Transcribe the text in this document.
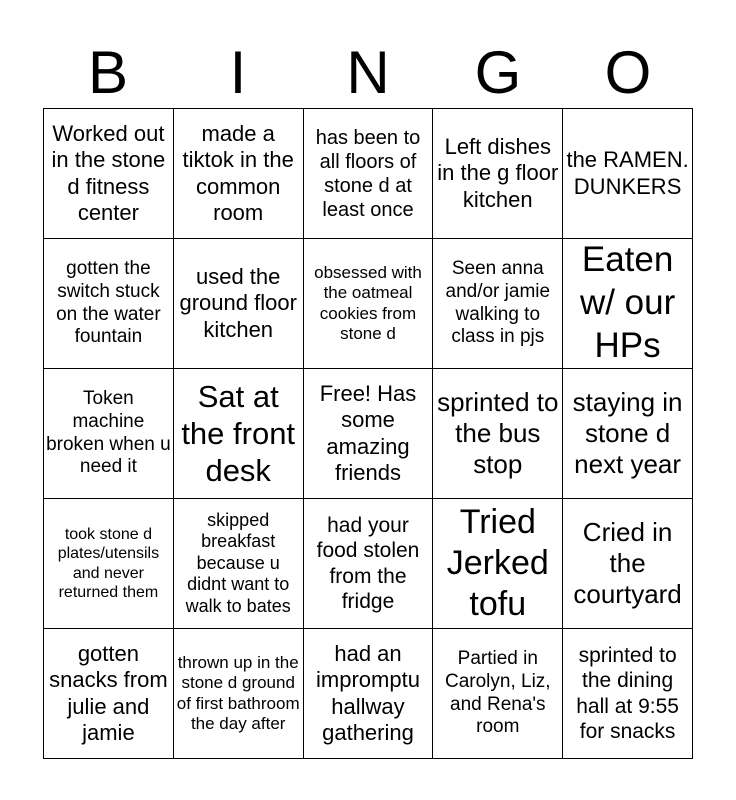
B	I	N	G	O
Worked out in the stone d fitness center	made a tiktok in the common room	has been to all floors of stone d at least once	Left dishes in the g floor kitchen	the RAMEN. DUNKERS
gotten the switch stuck on the water fountain	used the ground floor kitchen	obsessed with the oatmeal cookies from stone d	Seen anna and/or jamie walking to class in pjs	Eaten w/ our HPs
Token machine broken when u need it	Sat at the front desk	Free! Has some amazing friends	sprinted to the bus stop	staying in stone d next year
took stone d plates/utensils and never returned them	skipped breakfast because u didnt want to walk to bates	had your food stolen from the fridge	Tried Jerked tofu	Cried in the courtyard
gotten snacks from julie and jamie	thrown up in the stone d ground of first bathroom the day after	had an impromptu hallway gathering	Partied in Carolyn, Liz, and Rena's room	sprinted to the dining hall at 9:55 for snacks
